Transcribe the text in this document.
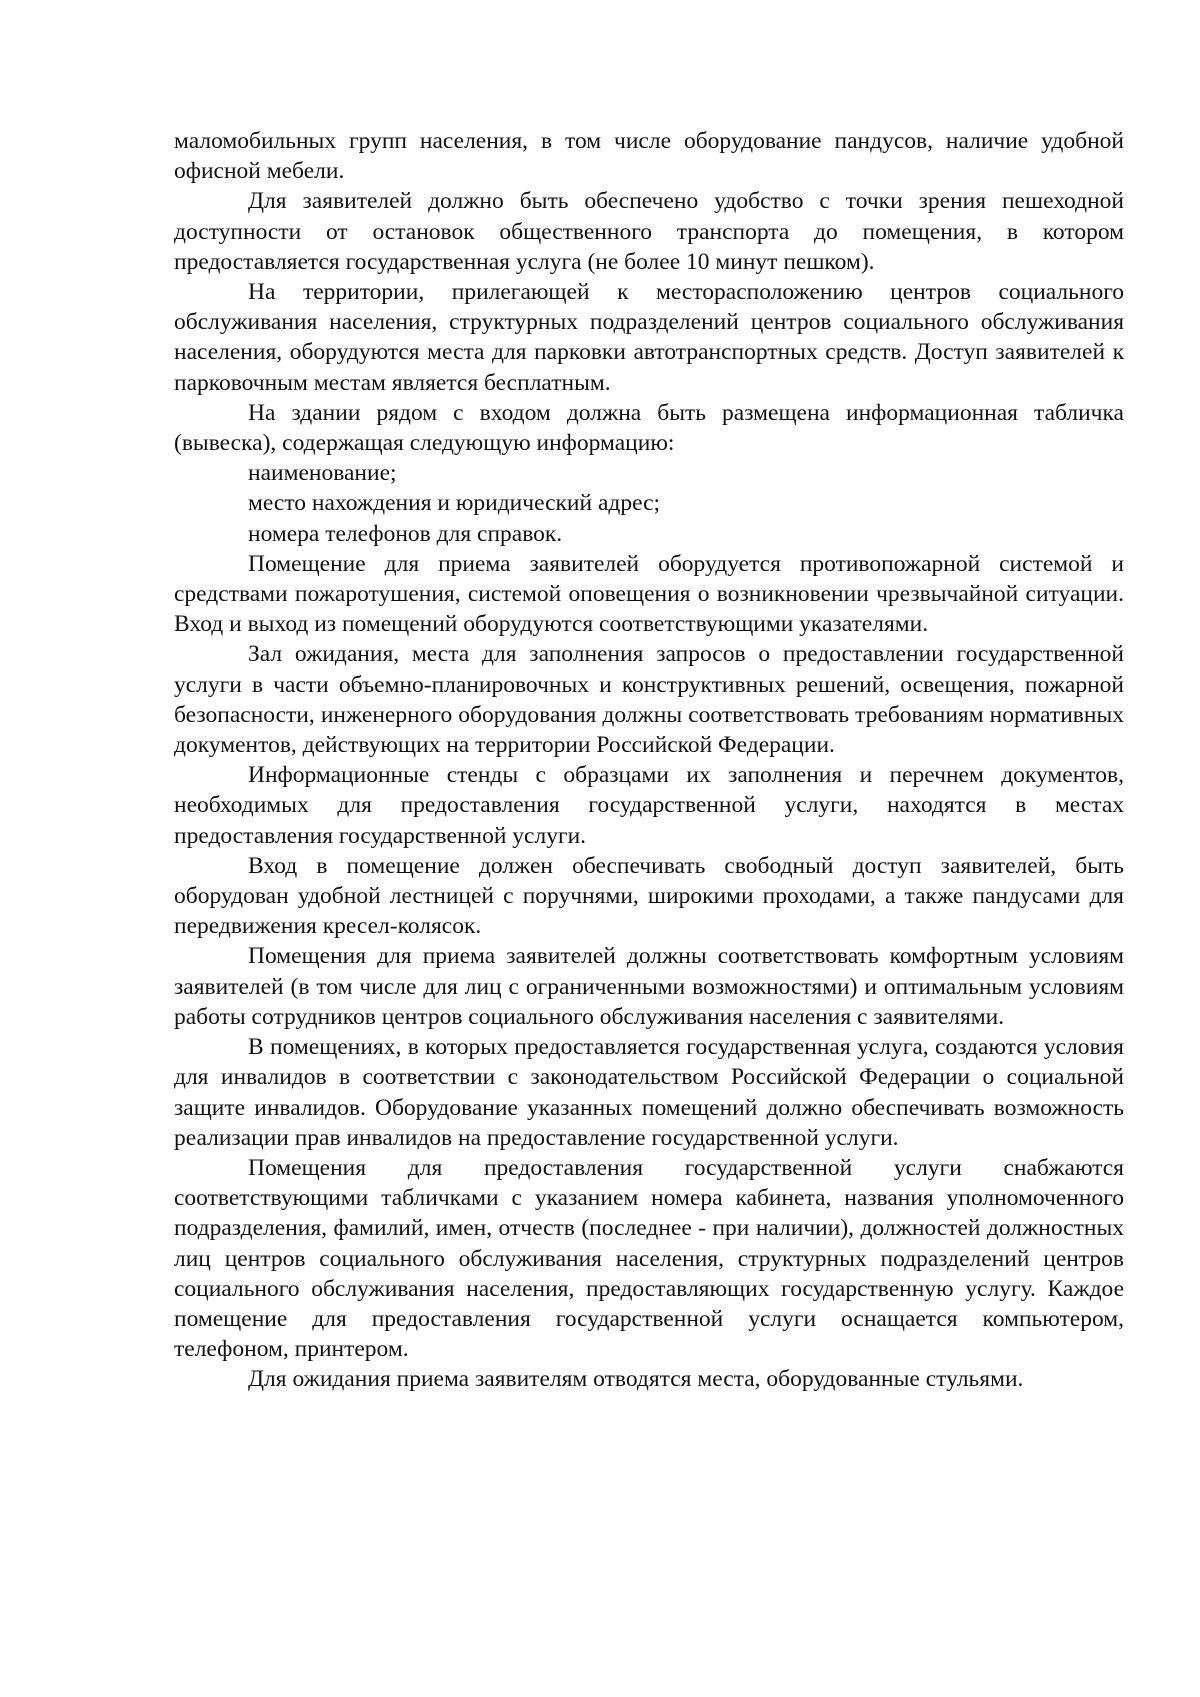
маломобильных групп населения, в том числе оборудование пандусов, наличие удобной офисной мебели.

Для заявителей должно быть обеспечено удобство с точки зрения пешеходной доступности от остановок общественного транспорта до помещения, в котором предоставляется государственная услуга (не более 10 минут пешком).

На территории, прилегающей к месторасположению центров социального обслуживания населения, структурных подразделений центров социального обслуживания населения, оборудуются места для парковки автотранспортных средств. Доступ заявителей к парковочным местам является бесплатным.

На здании рядом с входом должна быть размещена информационная табличка (вывеска), содержащая следующую информацию:

наименование;

место нахождения и юридический адрес;

номера телефонов для справок.

Помещение для приема заявителей оборудуется противопожарной системой и средствами пожаротушения, системой оповещения о возникновении чрезвычайной ситуации. Вход и выход из помещений оборудуются соответствующими указателями.

Зал ожидания, места для заполнения запросов о предоставлении государственной услуги в части объемно-планировочных и конструктивных решений, освещения, пожарной безопасности, инженерного оборудования должны соответствовать требованиям нормативных документов, действующих на территории Российской Федерации.

Информационные стенды с образцами их заполнения и перечнем документов, необходимых для предоставления государственной услуги, находятся в местах предоставления государственной услуги.

Вход в помещение должен обеспечивать свободный доступ заявителей, быть оборудован удобной лестницей с поручнями, широкими проходами, а также пандусами для передвижения кресел-колясок.

Помещения для приема заявителей должны соответствовать комфортным условиям заявителей (в том числе для лиц с ограниченными возможностями) и оптимальным условиям работы сотрудников центров социального обслуживания населения с заявителями.

В помещениях, в которых предоставляется государственная услуга, создаются условия для инвалидов в соответствии с законодательством Российской Федерации о социальной защите инвалидов. Оборудование указанных помещений должно обеспечивать возможность реализации прав инвалидов на предоставление государственной услуги.

Помещения для предоставления государственной услуги снабжаются соответствующими табличками с указанием номера кабинета, названия уполномоченного подразделения, фамилий, имен, отчеств (последнее - при наличии), должностей должностных лиц центров социального обслуживания населения, структурных подразделений центров социального обслуживания населения, предоставляющих государственную услугу. Каждое помещение для предоставления государственной услуги оснащается компьютером, телефоном, принтером.

Для ожидания приема заявителям отводятся места, оборудованные стульями.
